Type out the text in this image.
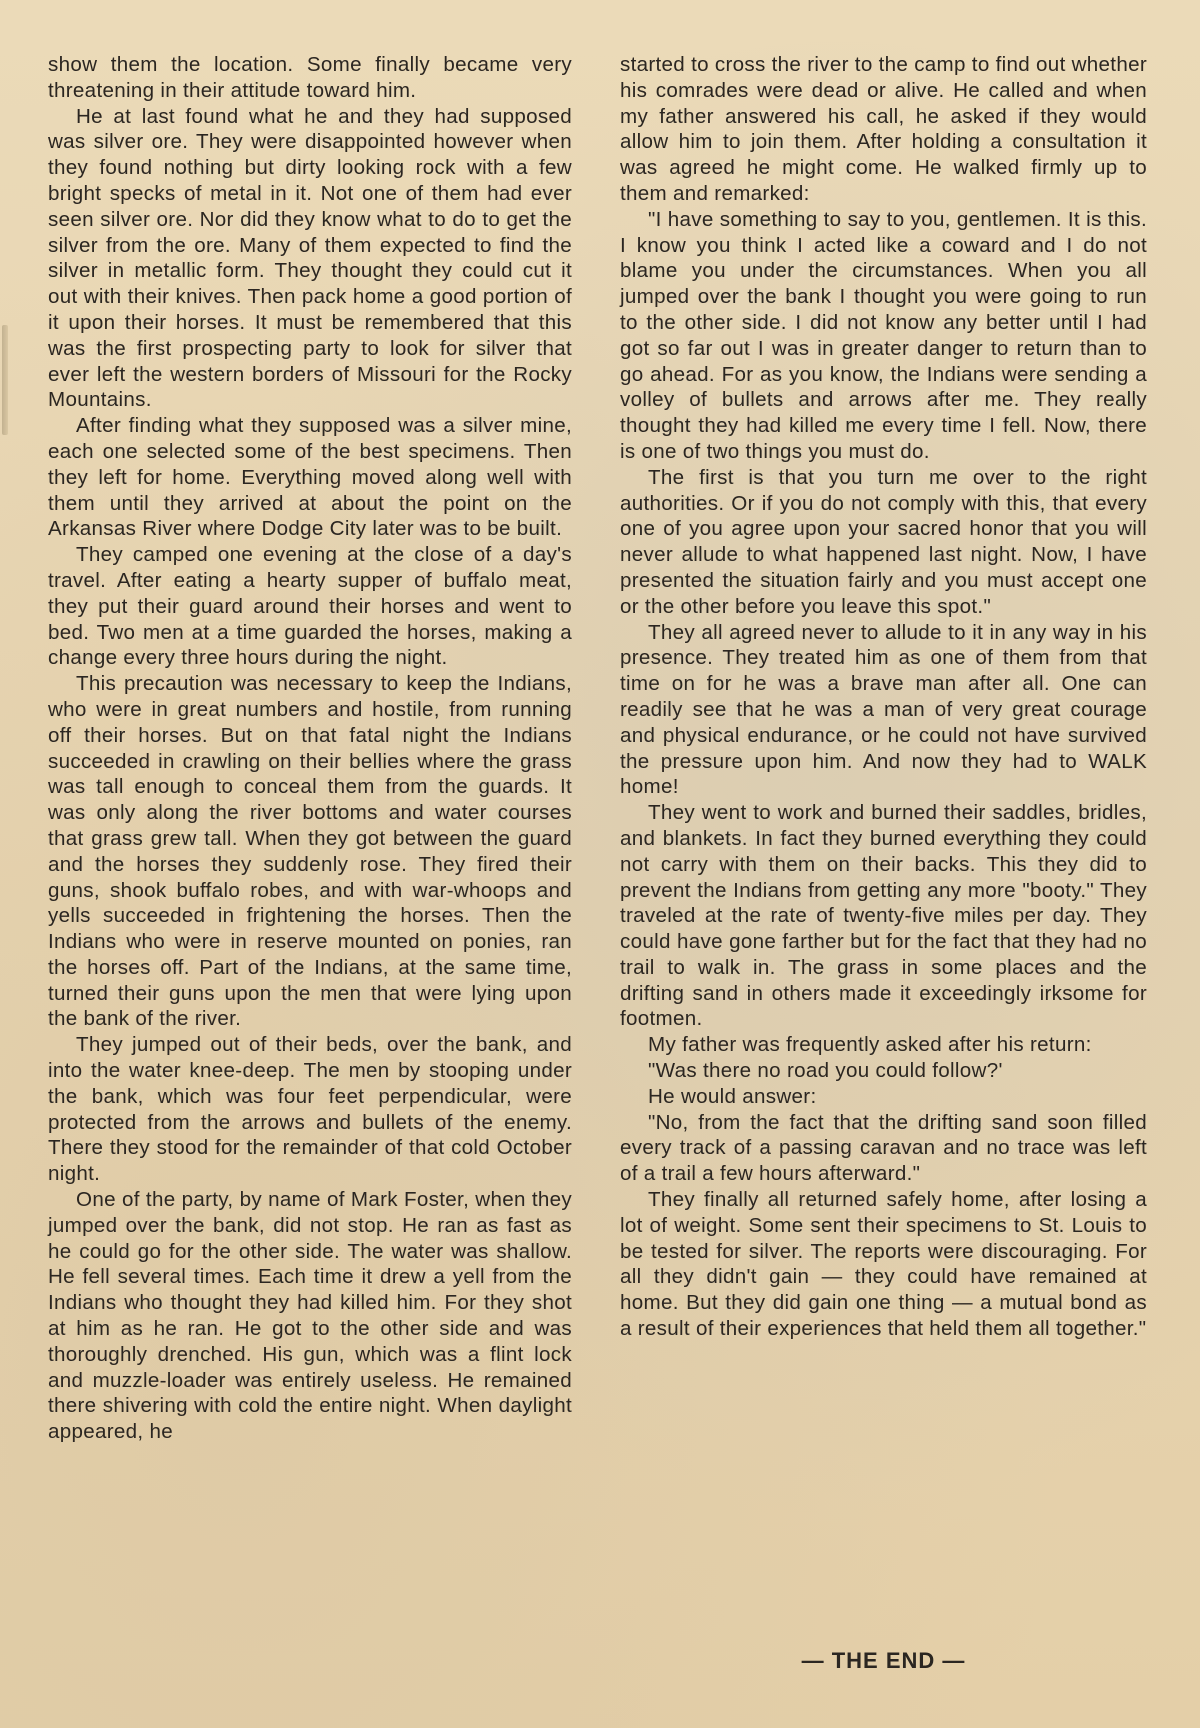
show them the location. Some finally became very threatening in their attitude toward him.

He at last found what he and they had supposed was silver ore. They were disappointed however when they found nothing but dirty looking rock with a few bright specks of metal in it. Not one of them had ever seen silver ore. Nor did they know what to do to get the silver from the ore. Many of them expected to find the silver in metallic form. They thought they could cut it out with their knives. Then pack home a good portion of it upon their horses. It must be remembered that this was the first prospecting party to look for silver that ever left the western borders of Missouri for the Rocky Mountains.

After finding what they supposed was a silver mine, each one selected some of the best specimens. Then they left for home. Everything moved along well with them until they arrived at about the point on the Arkansas River where Dodge City later was to be built.

They camped one evening at the close of a day's travel. After eating a hearty supper of buffalo meat, they put their guard around their horses and went to bed. Two men at a time guarded the horses, making a change every three hours during the night.

This precaution was necessary to keep the Indians, who were in great numbers and hostile, from running off their horses. But on that fatal night the Indians succeeded in crawling on their bellies where the grass was tall enough to conceal them from the guards. It was only along the river bottoms and water courses that grass grew tall. When they got between the guard and the horses they suddenly rose. They fired their guns, shook buffalo robes, and with war-whoops and yells succeeded in frightening the horses. Then the Indians who were in reserve mounted on ponies, ran the horses off. Part of the Indians, at the same time, turned their guns upon the men that were lying upon the bank of the river.

They jumped out of their beds, over the bank, and into the water knee-deep. The men by stooping under the bank, which was four feet perpendicular, were protected from the arrows and bullets of the enemy. There they stood for the remainder of that cold October night.

One of the party, by name of Mark Foster, when they jumped over the bank, did not stop. He ran as fast as he could go for the other side. The water was shallow. He fell several times. Each time it drew a yell from the Indians who thought they had killed him. For they shot at him as he ran. He got to the other side and was thoroughly drenched. His gun, which was a flint lock and muzzle-loader was entirely useless. He remained there shivering with cold the entire night. When daylight appeared, he

started to cross the river to the camp to find out whether his comrades were dead or alive. He called and when my father answered his call, he asked if they would allow him to join them. After holding a consultation it was agreed he might come. He walked firmly up to them and remarked:

"I have something to say to you, gentlemen. It is this. I know you think I acted like a coward and I do not blame you under the circumstances. When you all jumped over the bank I thought you were going to run to the other side. I did not know any better until I had got so far out I was in greater danger to return than to go ahead. For as you know, the Indians were sending a volley of bullets and arrows after me. They really thought they had killed me every time I fell. Now, there is one of two things you must do.

The first is that you turn me over to the right authorities. Or if you do not comply with this, that every one of you agree upon your sacred honor that you will never allude to what happened last night. Now, I have presented the situation fairly and you must accept one or the other before you leave this spot."

They all agreed never to allude to it in any way in his presence. They treated him as one of them from that time on for he was a brave man after all. One can readily see that he was a man of very great courage and physical endurance, or he could not have survived the pressure upon him. And now they had to WALK home!

They went to work and burned their saddles, bridles, and blankets. In fact they burned everything they could not carry with them on their backs. This they did to prevent the Indians from getting any more "booty." They traveled at the rate of twenty-five miles per day. They could have gone farther but for the fact that they had no trail to walk in. The grass in some places and the drifting sand in others made it exceedingly irksome for footmen.

My father was frequently asked after his return:

"Was there no road you could follow?'

He would answer:

"No, from the fact that the drifting sand soon filled every track of a passing caravan and no trace was left of a trail a few hours afterward."

They finally all returned safely home, after losing a lot of weight. Some sent their specimens to St. Louis to be tested for silver. The reports were discouraging. For all they didn't gain — they could have remained at home. But they did gain one thing — a mutual bond as a result of their experiences that held them all together."

— THE END —
